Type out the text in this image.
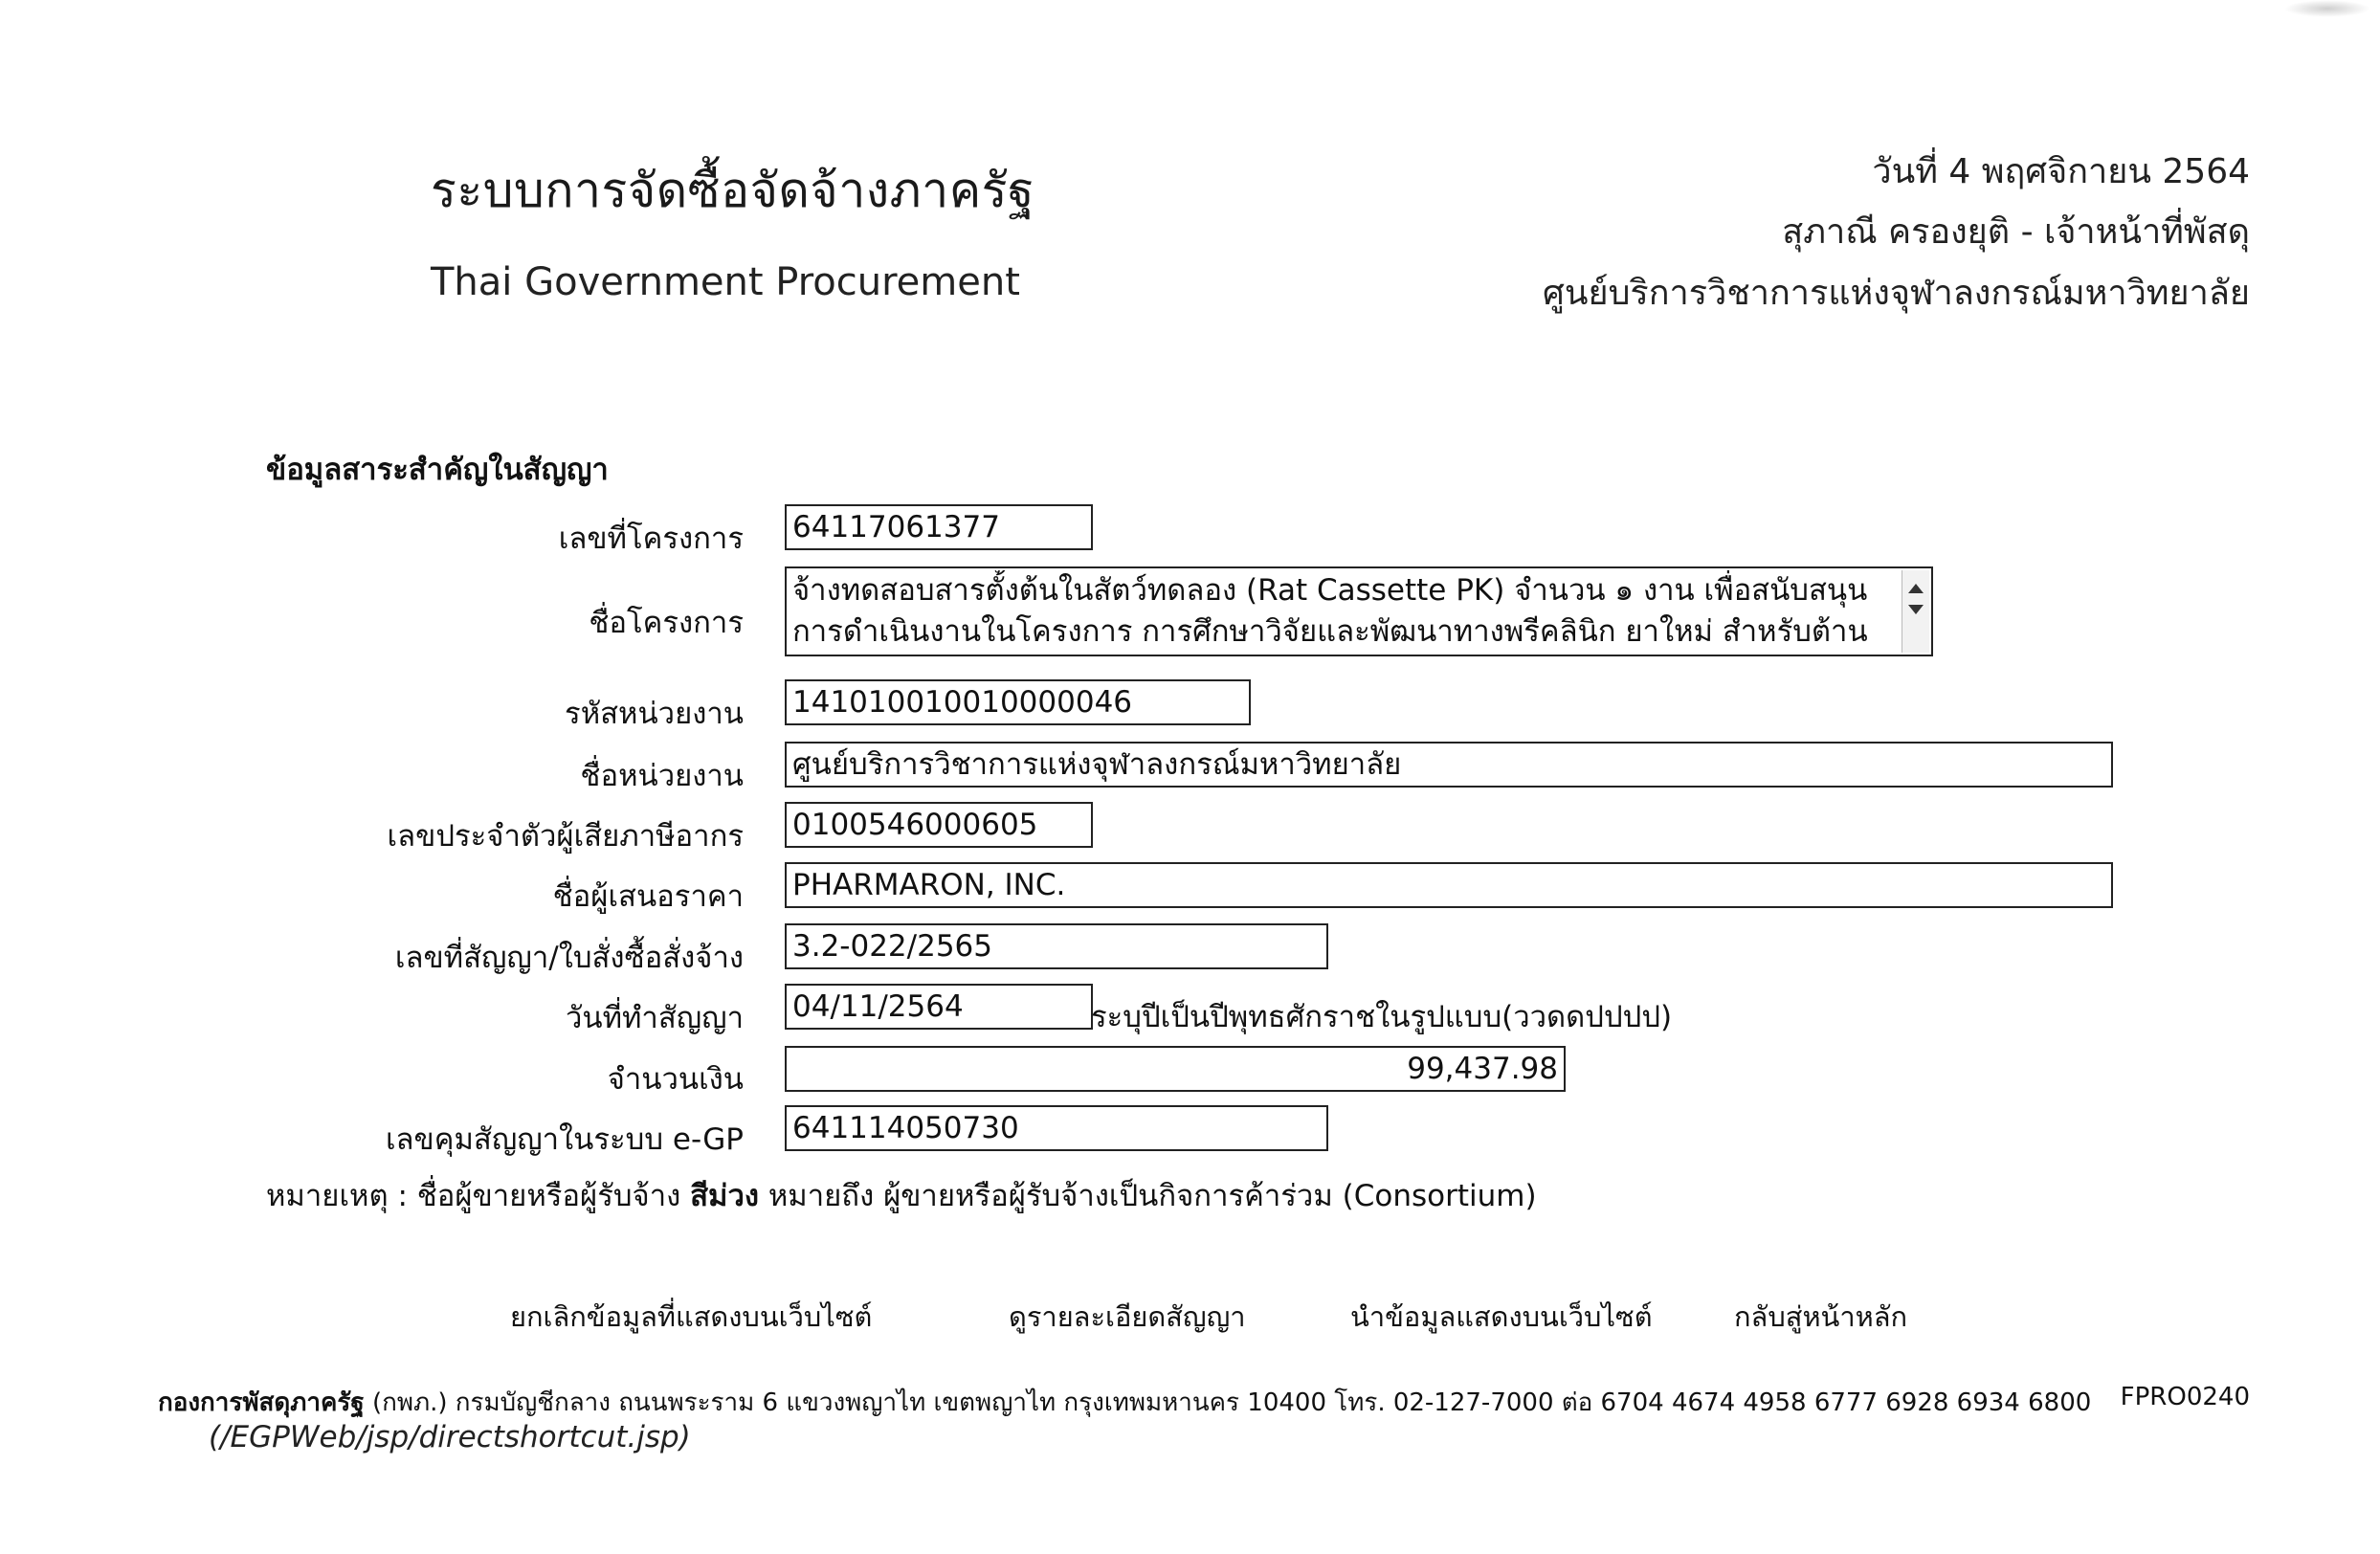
ระบบการจัดซื้อจัดจ้างภาครัฐ
Thai Government Procurement
วันที่ 4 พฤศจิกายน 2564
สุภาณี ครองยุติ - เจ้าหน้าที่พัสดุ
ศูนย์บริการวิชาการแห่งจุฬาลงกรณ์มหาวิทยาลัย
ข้อมูลสาระสำคัญในสัญญา
เลขที่โครงการ 64117061377
ชื่อโครงการ
จ้างทดสอบสารตั้งต้นในสัตว์ทดลอง (Rat Cassette PK) จำนวน ๑ งาน เพื่อสนับสนุน
การดำเนินงานในโครงการ การศึกษาวิจัยและพัฒนาทางพรีคลินิก ยาใหม่ สำหรับต้าน
รหัสหน่วยงาน 141010010010000046
ชื่อหน่วยงาน ศูนย์บริการวิชาการแห่งจุฬาลงกรณ์มหาวิทยาลัย
เลขประจำตัวผู้เสียภาษีอากร 0100546000605
ชื่อผู้เสนอราคา PHARMARON, INC.
เลขที่สัญญา/ใบสั่งซื้อสั่งจ้าง 3.2-022/2565
วันที่ทำสัญญา 04/11/2564	ระบุปีเป็นปีพุทธศักราชในรูปแบบ(ววดดปปปป)
จำนวนเงิน	99,437.98
เลขคุมสัญญาในระบบ e-GP 641114050730
หมายเหตุ : ชื่อผู้ขายหรือผู้รับจ้าง สีม่วง หมายถึง ผู้ขายหรือผู้รับจ้างเป็นกิจการค้าร่วม (Consortium)
ยกเลิกข้อมูลที่แสดงบนเว็บไซต์	ดูรายละเอียดสัญญา	นำข้อมูลแสดงบนเว็บไซต์	กลับสู่หน้าหลัก
กองการพัสดุภาครัฐ (กพภ.) กรมบัญชีกลาง ถนนพระราม 6 แขวงพญาไท เขตพญาไท กรุงเทพมหานคร 10400 โทร. 02-127-7000 ต่อ 6704 4674 4958 6777 6928 6934 6800 FPRO0240
(/EGPWeb/jsp/directshortcut.jsp)
